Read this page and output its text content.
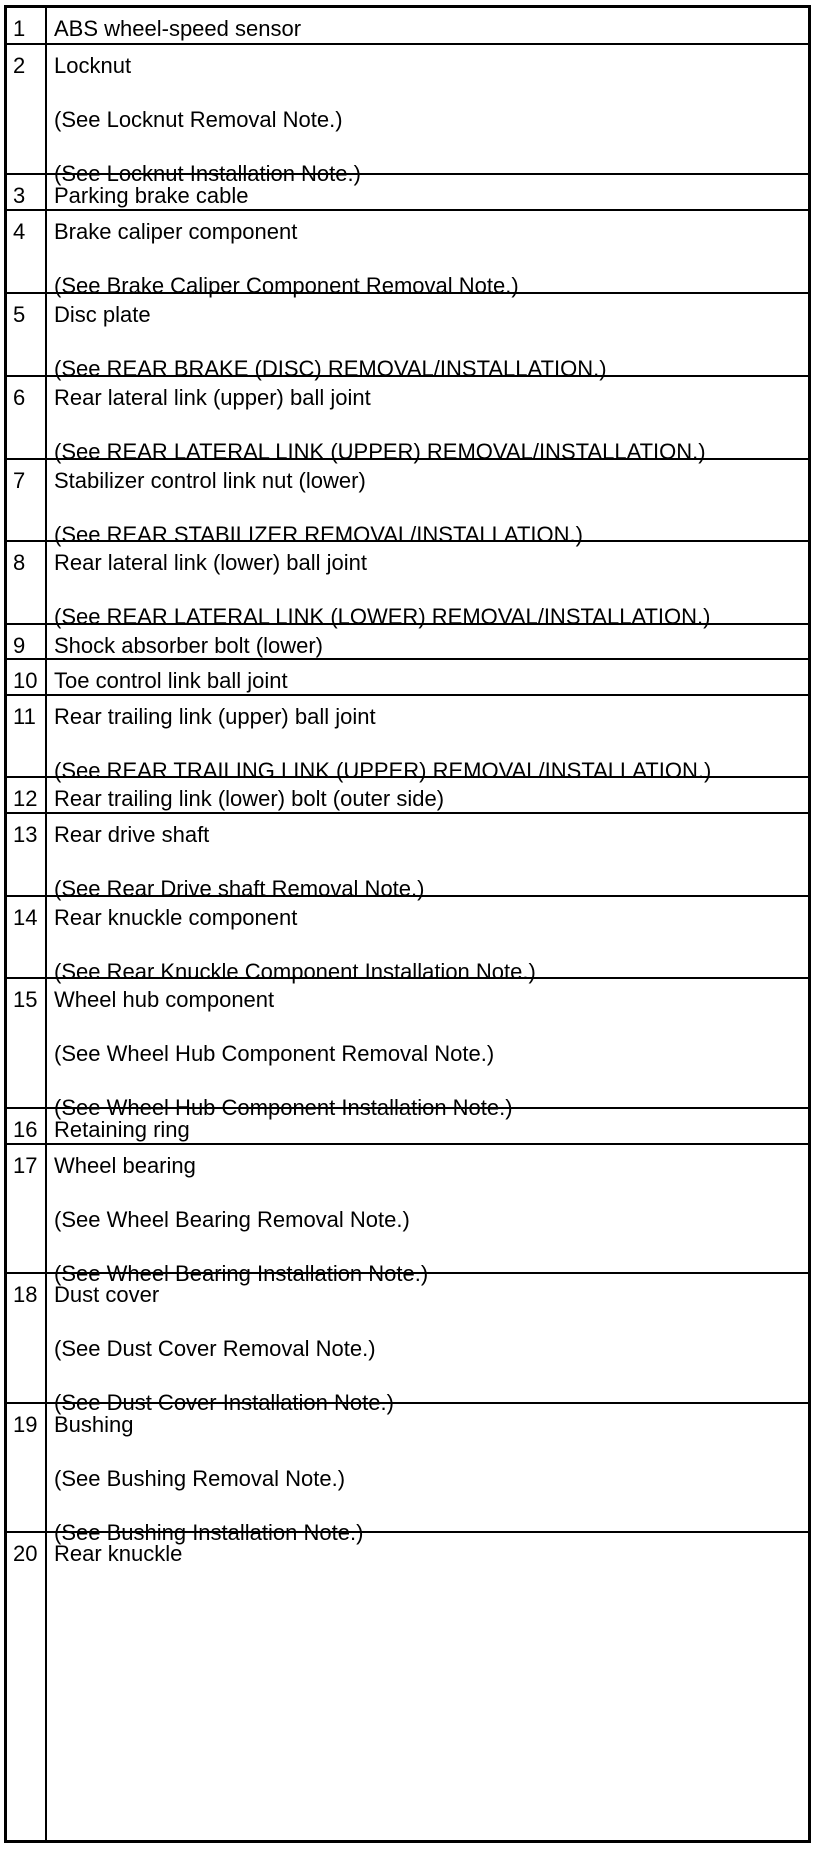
1	ABS wheel-speed sensor
2	Locknut
(See Locknut Removal Note.)
(See Locknut Installation Note.)
3	Parking brake cable
4	Brake caliper component
(See Brake Caliper Component Removal Note.)
5	Disc plate
(See REAR BRAKE (DISC) REMOVAL/INSTALLATION.)
6	Rear lateral link (upper) ball joint
(See REAR LATERAL LINK (UPPER) REMOVAL/INSTALLATION.)
7	Stabilizer control link nut (lower)
(See REAR STABILIZER REMOVAL/INSTALLATION.)
8	Rear lateral link (lower) ball joint
(See REAR LATERAL LINK (LOWER) REMOVAL/INSTALLATION.)
9	Shock absorber bolt (lower)
10 Toe control link ball joint
11 Rear trailing link (upper) ball joint
(See REAR TRAILING LINK (UPPER) REMOVAL/INSTALLATION.)
12 Rear trailing link (lower) bolt (outer side)
13 Rear drive shaft
(See Rear Drive shaft Removal Note.)
14 Rear knuckle component
(See Rear Knuckle Component Installation Note.)
15 Wheel hub component
(See Wheel Hub Component Removal Note.)
(See Wheel Hub Component Installation Note.)
16 Retaining ring
17 Wheel bearing
(See Wheel Bearing Removal Note.)
(See Wheel Bearing Installation Note.)
18 Dust cover
(See Dust Cover Removal Note.)
(See Dust Cover Installation Note.)
19 Bushing
(See Bushing Removal Note.)
(See Bushing Installation Note.)
20 Rear knuckle
